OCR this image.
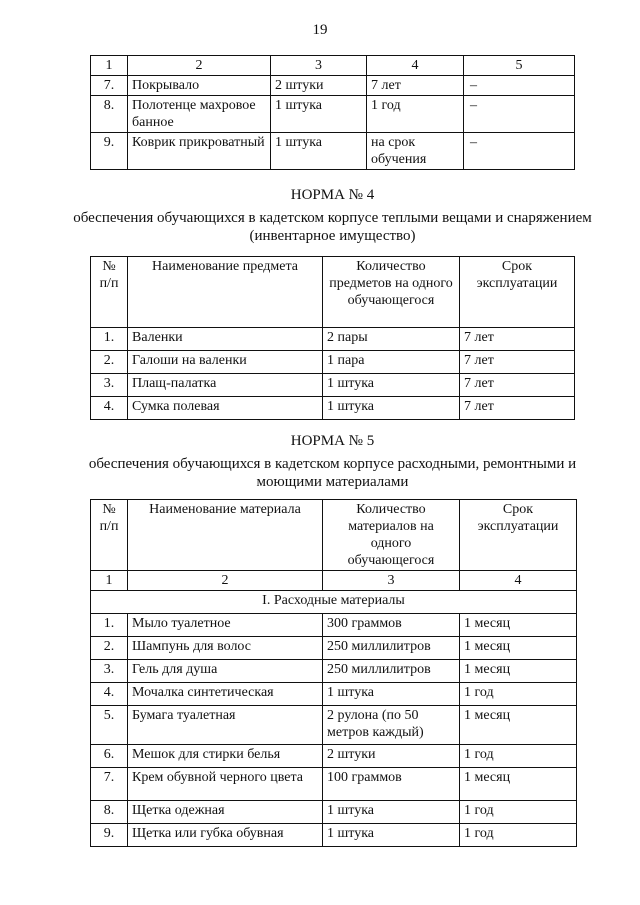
19
1	2	3	4	5
7.	Покрывало	2 штуки	7 лет	–
8.	Полотенце махровое банное	1 штука	1 год	–
9.	Коврик прикроватный	1 штука	на срок обучения	–
НОРМА № 4
обеспечения обучающихся в кадетском корпусе теплыми вещами и снаряжением (инвентарное имущество)
№ п/п	Наименование предмета	Количество предметов на одного обучающегося	Срок эксплуатации
1.	Валенки	2 пары	7 лет
2.	Галоши на валенки	1 пара	7 лет
3.	Плащ-палатка	1 штука	7 лет
4.	Сумка полевая	1 штука	7 лет
НОРМА № 5
обеспечения обучающихся в кадетском корпусе расходными, ремонтными и моющими материалами
№ п/п	Наименование материала	Количество материалов на одного обучающегося	Срок эксплуатации
1	2	3	4
I. Расходные материалы			
1.	Мыло туалетное	300 граммов	1 месяц
2.	Шампунь для волос	250 миллилитров	1 месяц
3.	Гель для душа	250 миллилитров	1 месяц
4.	Мочалка синтетическая	1 штука	1 год
5.	Бумага туалетная	2 рулона (по 50 метров каждый)	1 месяц
6.	Мешок для стирки белья	2 штуки	1 год
7.	Крем обувной черного цвета	100 граммов	1 месяц
8.	Щетка одежная	1 штука	1 год
9.	Щетка или губка обувная	1 штука	1 год
